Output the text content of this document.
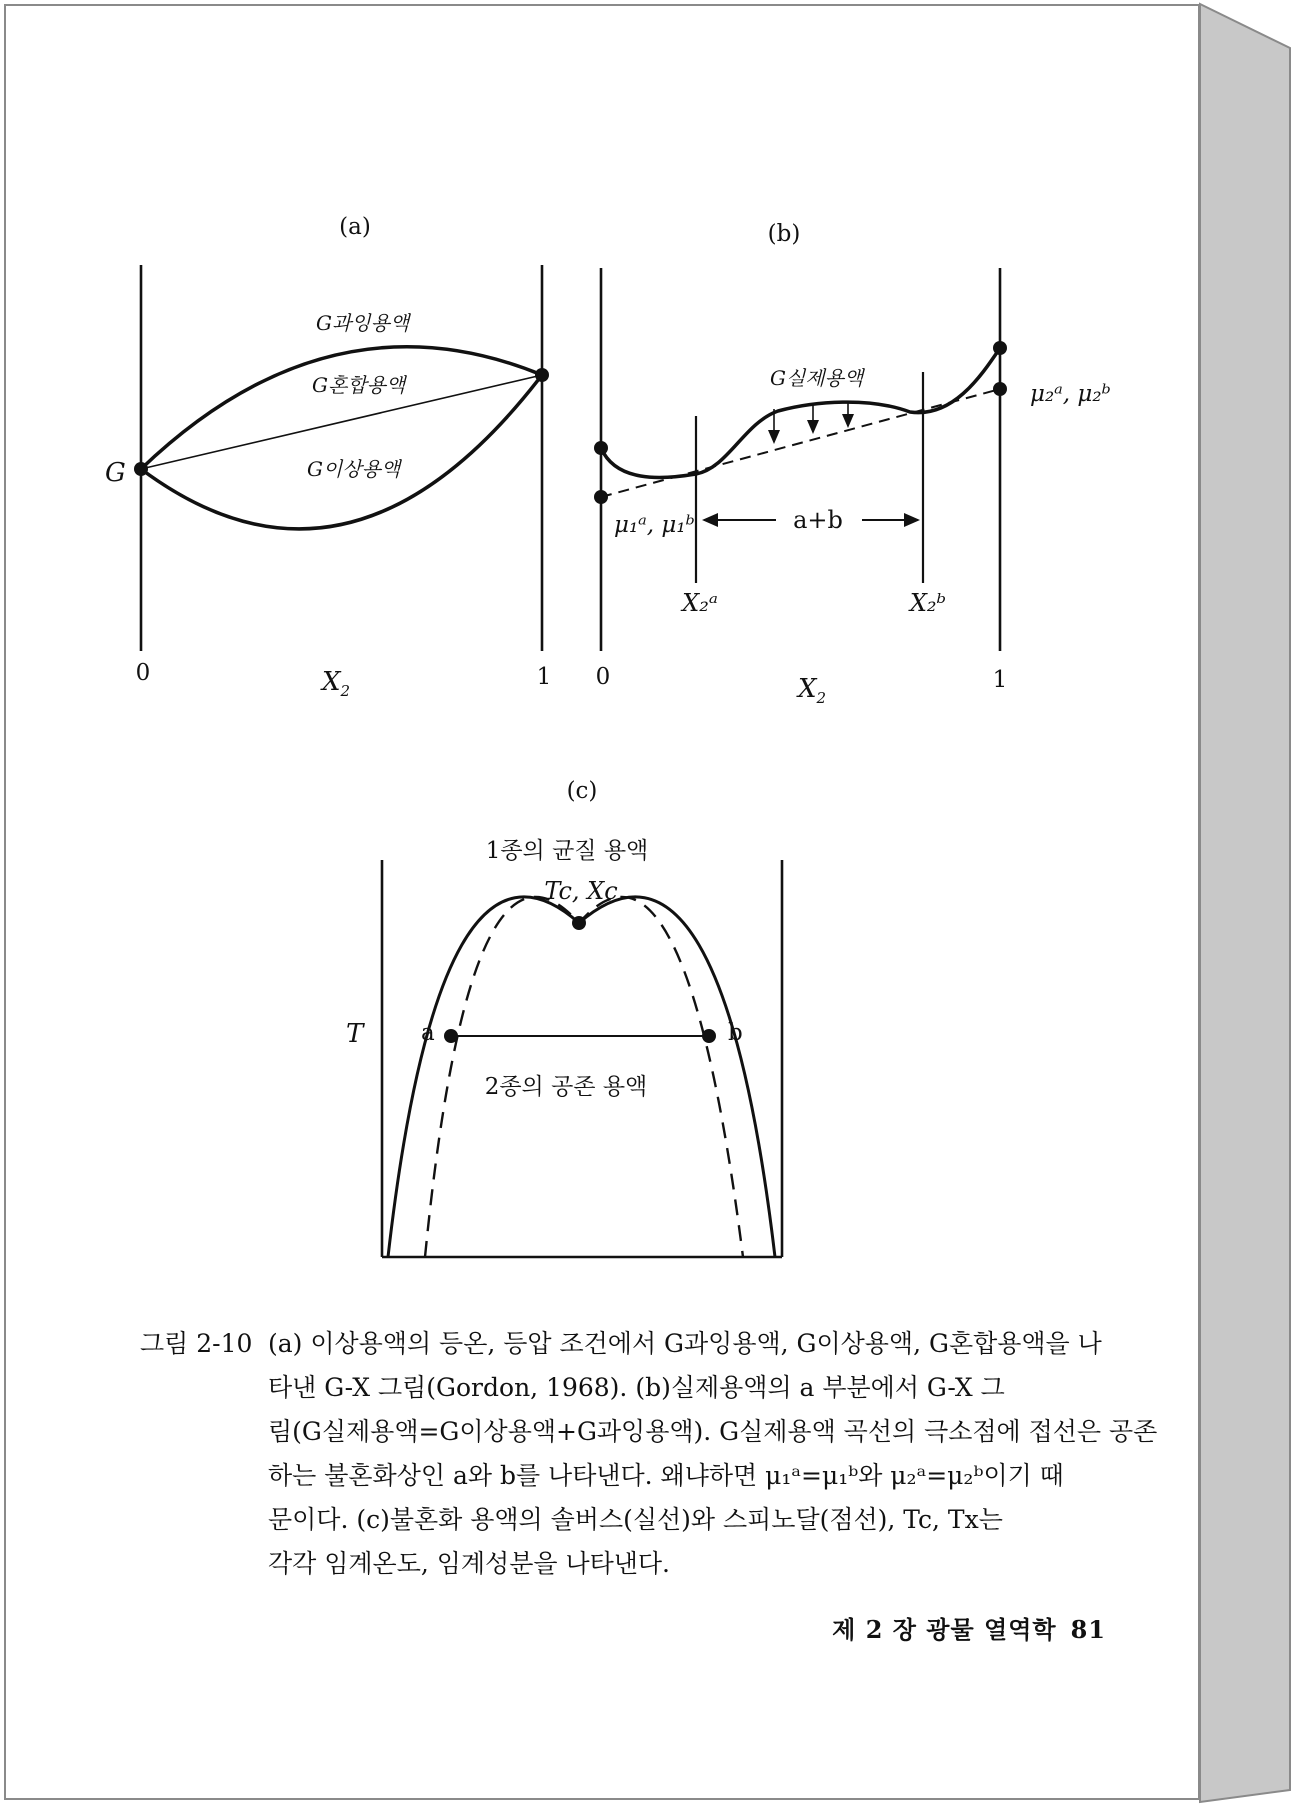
(a)
G과잉용액
G혼합용액
G이상용액
G
0	1
$X_2$
(b)
G실제용액
μ₂ᵃ, μ₂ᵇ
μ₁ᵃ, μ₁ᵇ	a+b
X₂ᵃ	X₂ᵇ
0	1
$X_2$
(c)
1종의 균질 용액
Tc, Xc
T	a	b
2종의 공존 용액
그림 2-10 (a) 이상용액의 등온, 등압 조건에서 G과잉용액, G이상용액, G혼합용액을 나
타낸 G-X 그림(Gordon, 1968). (b)실제용액의 a 부분에서 G-X 그
림(G실제용액=G이상용액+G과잉용액). G실제용액 곡선의 극소점에 접선은 공존
하는 불혼화상인 a와 b를 나타낸다. 왜냐하면 μ₁ᵃ=μ₁ᵇ와 μ₂ᵃ=μ₂ᵇ이기 때
문이다. (c)불혼화 용액의 솔버스(실선)와 스피노달(점선), Tc, Tx는
각각 임계온도, 임계성분을 나타낸다.
제 2 장 광물 열역학 81
